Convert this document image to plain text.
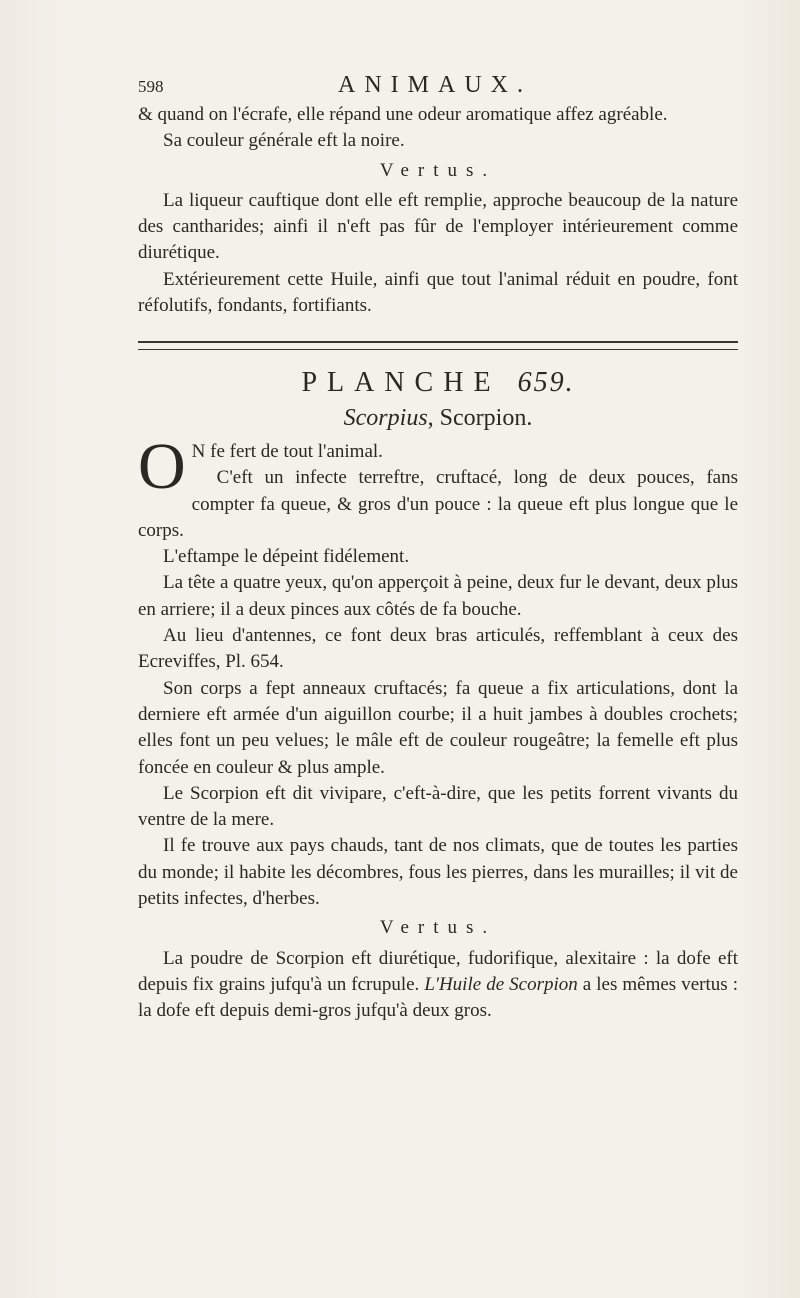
598	ANIMAUX.

& quand on l'écrafe, elle répand une odeur aromatique affez agréable.

Sa couleur générale eft la noire.

Vertus.

La liqueur cauftique dont elle eft remplie, approche beaucoup de la nature des cantharides; ainfi il n'eft pas fûr de l'employer intérieurement comme diurétique.

Extérieurement cette Huile, ainfi que tout l'animal réduit en poudre, font réfolutifs, fondants, fortifiants.

PLANCHE 659.
Scorpius, Scorpion.

O N fe fert de tout l'animal.

C'eft un infecte terreftre, cruftacé, long de deux pouces, fans compter fa queue, & gros d'un pouce : la queue eft plus longue que le corps.

L'eftampe le dépeint fidélement.

La tête a quatre yeux, qu'on apperçoit à peine, deux fur le devant, deux plus en arriere; il a deux pinces aux côtés de fa bouche.

Au lieu d'antennes, ce font deux bras articulés, reffemblant à ceux des Ecreviffes, Pl. 654.

Son corps a fept anneaux cruftacés; fa queue a fix articulations, dont la derniere eft armée d'un aiguillon courbe; il a huit jambes à doubles crochets; elles font un peu velues; le mâle eft de couleur rougeâtre; la femelle eft plus foncée en couleur & plus ample.

Le Scorpion eft dit vivipare, c'eft-à-dire, que les petits forrent vivants du ventre de la mere.

Il fe trouve aux pays chauds, tant de nos climats, que de toutes les parties du monde; il habite les décombres, fous les pierres, dans les murailles; il vit de petits infectes, d'herbes.

Vertus.

La poudre de Scorpion eft diurétique, fudorifique, alexitaire : la dofe eft depuis fix grains jufqu'à un fcrupule. L'Huile de Scorpion a les mêmes vertus : la dofe eft depuis demi-gros jufqu'à deux gros.
